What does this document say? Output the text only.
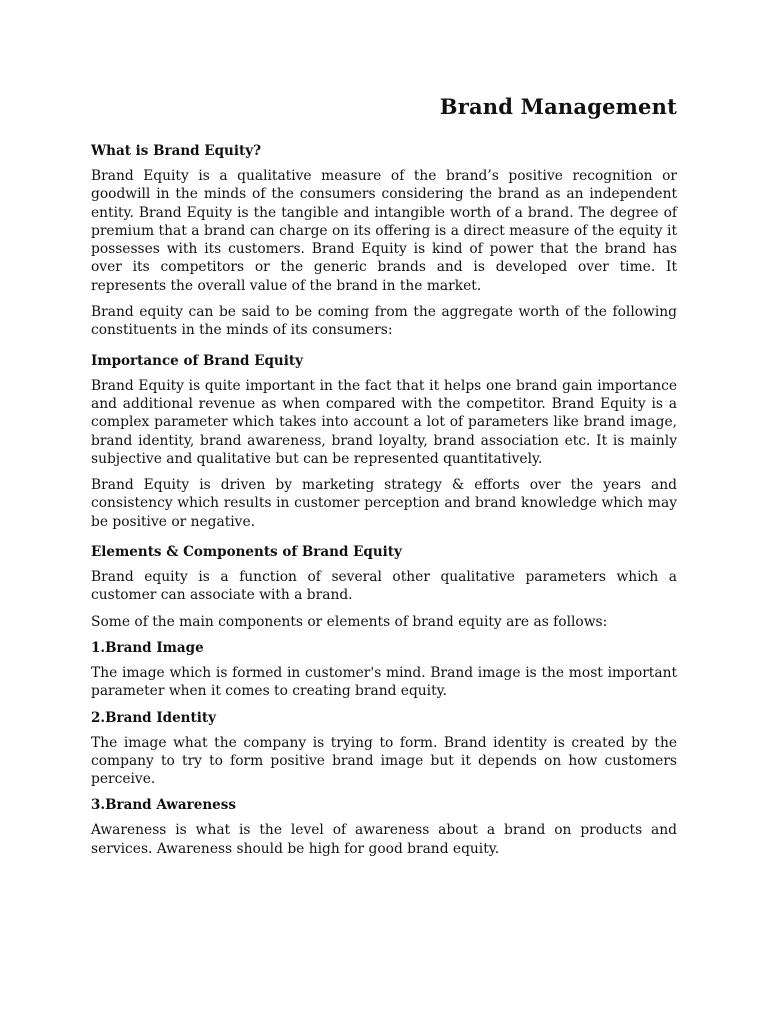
Brand Management
What is Brand Equity?

Brand Equity is a qualitative measure of the brand’s positive recognition or goodwill in the minds of the consumers considering the brand as an independent entity. Brand Equity is the tangible and intangible worth of a brand. The degree of premium that a brand can charge on its offering is a direct measure of the equity it possesses with its customers. Brand Equity is kind of power that the brand has over its competitors or the generic brands and is developed over time. It represents the overall value of the brand in the market.

Brand equity can be said to be coming from the aggregate worth of the following constituents in the minds of its consumers:

Importance of Brand Equity

Brand Equity is quite important in the fact that it helps one brand gain importance and additional revenue as when compared with the competitor. Brand Equity is a complex parameter which takes into account a lot of parameters like brand image, brand identity, brand awareness, brand loyalty, brand association etc. It is mainly subjective and qualitative but can be represented quantitatively.

Brand Equity is driven by marketing strategy & efforts over the years and consistency which results in customer perception and brand knowledge which may be positive or negative.

Elements & Components of Brand Equity

Brand equity is a function of several other qualitative parameters which a customer can associate with a brand.

Some of the main components or elements of brand equity are as follows:

1.Brand Image

The image which is formed in customer's mind. Brand image is the most important parameter when it comes to creating brand equity.

2.Brand Identity

The image what the company is trying to form. Brand identity is created by the company to try to form positive brand image but it depends on how customers perceive.

3.Brand Awareness

Awareness is what is the level of awareness about a brand on products and services. Awareness should be high for good brand equity.
